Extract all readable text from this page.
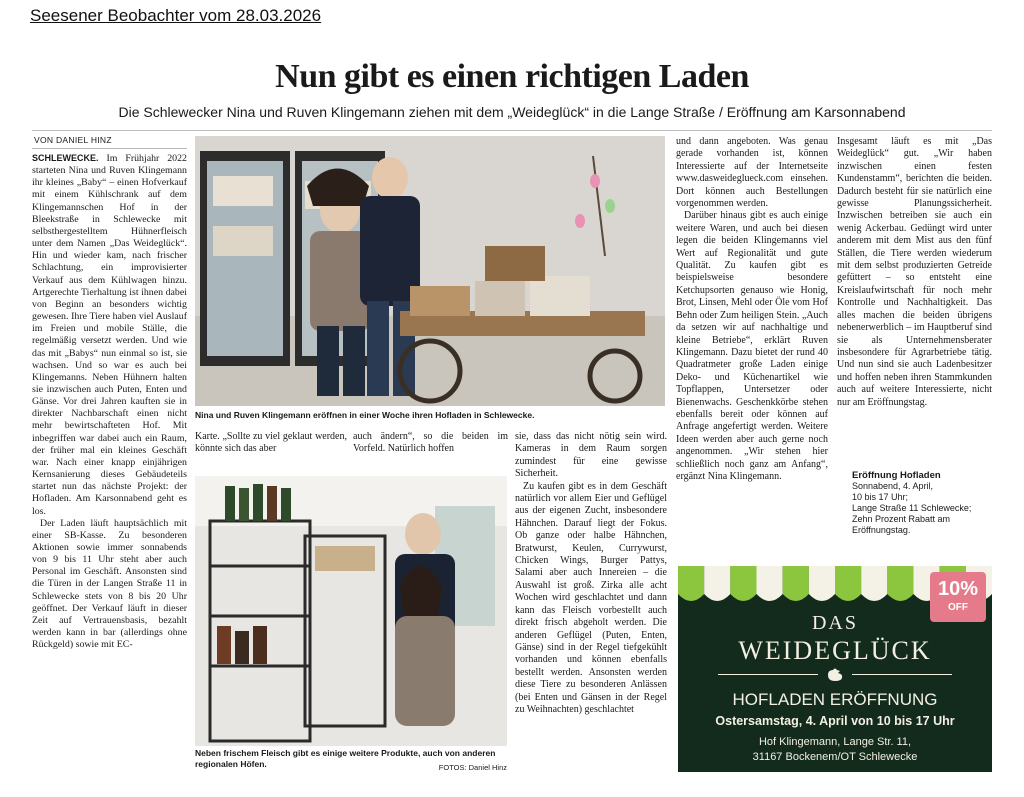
Seesener Beobachter vom 28.03.2026
Nun gibt es einen richtigen Laden
Die Schlewecker Nina und Ruven Klingemann ziehen mit dem „Weideglück“ in die Lange Straße / Eröffnung am Karsonnabend
VON DANIEL HINZ

SCHLEWECKE. Im Frühjahr 2022 starteten Nina und Ruven Klingemann ihr kleines „Baby“ – einen Hofverkauf mit einem Kühlschrank auf dem Klingemannschen Hof in der Bleekstraße in Schlewecke mit selbsthergestelltem Hühnerfleisch unter dem Namen „Das Weideglück“. Hin und wieder kam, nach frischer Schlachtung, ein improvisierter Verkauf aus dem Kühlwagen hinzu. Artgerechte Tierhaltung ist ihnen dabei von Beginn an besonders wichtig gewesen. Ihre Tiere haben viel Auslauf im Freien und mobile Ställe, die regelmäßig versetzt werden. Und wie das mit „Babys“ nun einmal so ist, sie wachsen. Und so war es auch bei Klingemanns. Neben Hühnern halten sie inzwischen auch Puten, Enten und Gänse. Vor drei Jahren kauften sie in direkter Nachbarschaft einen nicht mehr bewirtschafteten Hof. Mit inbegriffen war dabei auch ein Raum, der früher mal ein kleines Geschäft war. Nach einer knapp einjährigen Kernsanierung dieses Gebäudeteils startet nun das nächste Projekt: der Hofladen. Am Karsonnabend geht es los.

Der Laden läuft hauptsächlich mit einer SB-Kasse. Zu besonderen Aktionen sowie immer sonnabends von 9 bis 11 Uhr steht aber auch Personal im Geschäft. Ansonsten sind die Türen in der Langen Straße 11 in Schlewecke stets von 8 bis 20 Uhr geöffnet. Der Verkauf läuft in dieser Zeit auf Vertrauensbasis, bezahlt werden kann in bar (allerdings ohne Rückgeld) sowie mit EC-

Nina und Ruven Klingemann eröffnen in einer Woche ihren Hofladen in Schlewecke.
Karte. „Sollte zu viel geklaut werden, könnte sich das aber
auch ändern“, so die beiden im Vorfeld. Natürlich hoffen
Neben frischem Fleisch gibt es einige weitere Produkte, auch von anderen regionalen Höfen.	FOTOS: Daniel Hinz

sie, dass das nicht nötig sein wird. Kameras in dem Raum sorgen zumindest für eine gewisse Sicherheit.

Zu kaufen gibt es in dem Geschäft natürlich vor allem Eier und Geflügel aus der eigenen Zucht, insbesondere Hähnchen. Darauf liegt der Fokus. Ob ganze oder halbe Hähnchen, Bratwurst, Keulen, Currywurst, Chicken Wings, Burger Pattys, Salami aber auch Innereien – die Auswahl ist groß. Zirka alle acht Wochen wird geschlachtet und dann kann das Fleisch vorbestellt auch direkt frisch abgeholt werden. Die anderen Geflügel (Puten, Enten, Gänse) sind in der Regel tiefgekühlt vorhanden und können ebenfalls bestellt werden. Ansonsten werden diese Tiere zu besonderen Anlässen (bei Enten und Gänsen in der Regel zu Weihnachten) geschlachtet

und dann angeboten. Was genau gerade vorhanden ist, können Interessierte auf der Internetseite www.dasweideglueck.com einsehen. Dort können auch Bestellungen vorgenommen werden.

Darüber hinaus gibt es auch einige weitere Waren, und auch bei diesen legen die beiden Klingemanns viel Wert auf Regionalität und gute Qualität. Zu kaufen gibt es beispielsweise besondere Ketchupsorten genauso wie Honig, Brot, Linsen, Mehl oder Öle vom Hof Behn oder Zum heiligen Stein. „Auch da setzen wir auf nachhaltige und kleine Betriebe“, erklärt Ruven Klingemann. Dazu bietet der rund 40 Quadratmeter große Laden einige Deko- und Küchenartikel wie Topflappen, Untersetzer oder Bienenwachs. Geschenkkörbe stehen ebenfalls bereit oder können auf Anfrage angefertigt werden. Weitere Ideen werden aber auch gerne noch angenommen. „Wir stehen hier schließlich noch ganz am Anfang“, ergänzt Nina Klingemann.

Insgesamt läuft es mit „Das Weideglück“ gut. „Wir haben inzwischen einen festen Kundenstamm“, berichten die beiden. Dadurch besteht für sie natürlich eine gewisse Planungssicherheit. Inzwischen betreiben sie auch ein wenig Ackerbau. Gedüngt wird unter anderem mit dem Mist aus den fünf Ställen, die Tiere werden wiederum mit dem selbst produzierten Getreide gefüttert – so entsteht eine Kreislaufwirtschaft für noch mehr Kontrolle und Nachhaltigkeit. Das alles machen die beiden übrigens nebenerwerblich – im Hauptberuf sind sie als Unternehmensberater insbesondere für Agrarbetriebe tätig. Und nun sind sie auch Ladenbesitzer und hoffen neben ihren Stammkunden auch auf weitere Interessierte, nicht nur am Eröffnungstag.

Eröffnung Hofladen
Sonnabend, 4. April,
10 bis 17 Uhr;
Lange Straße 11 Schlewecke;
Zehn Prozent Rabatt am
Eröffnungstag.
10%
OFF
DAS
WEIDEGLÜCK
HOFLADEN ERÖFFNUNG
Ostersamstag, 4. April von 10 bis 17 Uhr
Hof Klingemann, Lange Str. 11,
31167 Bockenem/OT Schlewecke
